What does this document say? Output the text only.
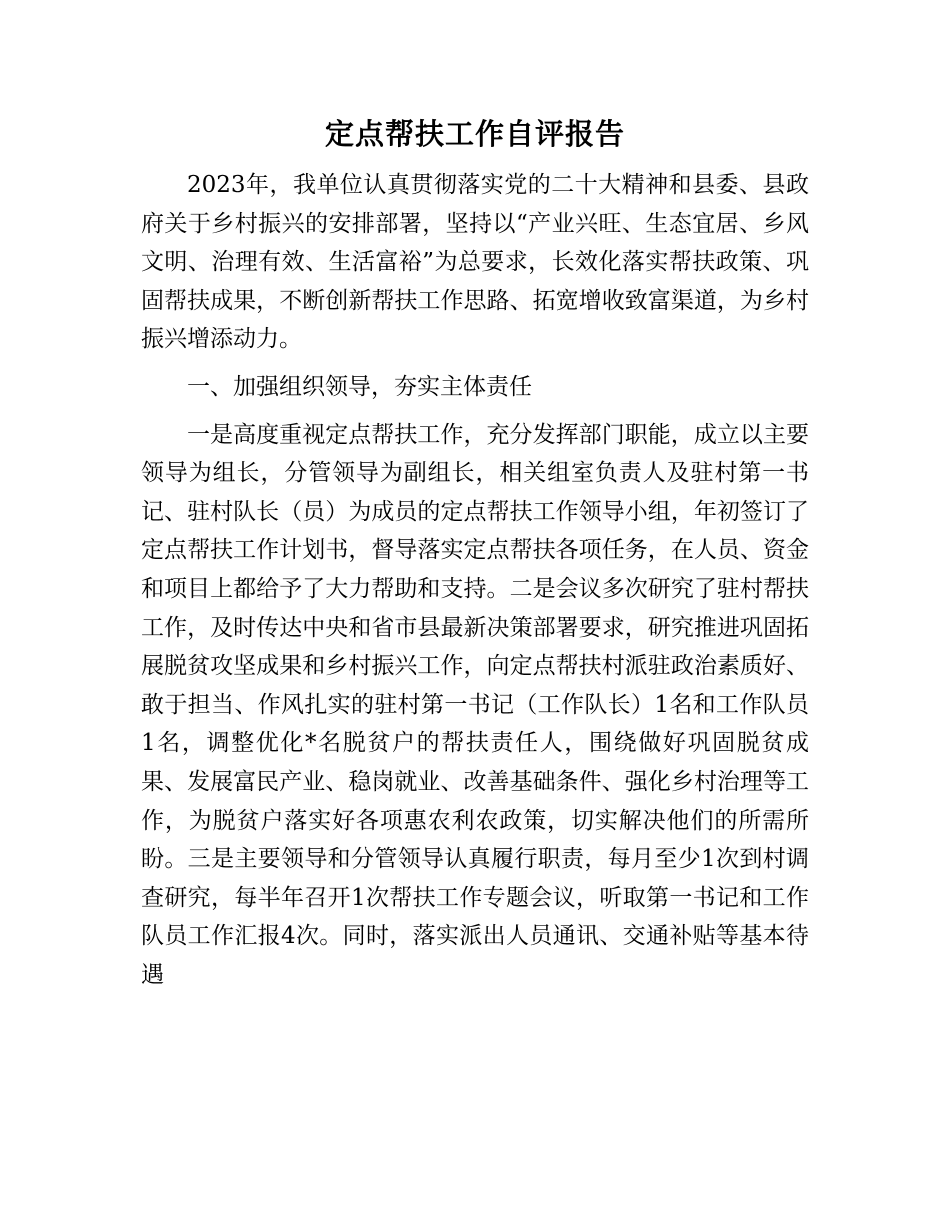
定点帮扶工作自评报告

2023年，我单位认真贯彻落实党的二十大精神和县委、县政府关于乡村振兴的安排部署，坚持以“产业兴旺、生态宜居、乡风文明、治理有效、生活富裕”为总要求，长效化落实帮扶政策、巩固帮扶成果，不断创新帮扶工作思路、拓宽增收致富渠道，为乡村振兴增添动力。

一、加强组织领导，夯实主体责任

一是高度重视定点帮扶工作，充分发挥部门职能，成立以主要领导为组长，分管领导为副组长，相关组室负责人及驻村第一书记、驻村队长（员）为成员的定点帮扶工作领导小组，年初签订了定点帮扶工作计划书，督导落实定点帮扶各项任务，在人员、资金和项目上都给予了大力帮助和支持。二是会议多次研究了驻村帮扶工作，及时传达中央和省市县最新决策部署要求，研究推进巩固拓展脱贫攻坚成果和乡村振兴工作，向定点帮扶村派驻政治素质好、敢于担当、作风扎实的驻村第一书记（工作队长）1名和工作队员1名，调整优化*名脱贫户的帮扶责任人，围绕做好巩固脱贫成果、发展富民产业、稳岗就业、改善基础条件、强化乡村治理等工作，为脱贫户落实好各项惠农利农政策，切实解决他们的所需所盼。三是主要领导和分管领导认真履行职责，每月至少1次到村调查研究，每半年召开1次帮扶工作专题会议，听取第一书记和工作队员工作汇报4次。同时，落实派出人员通讯、交通补贴等基本待遇
